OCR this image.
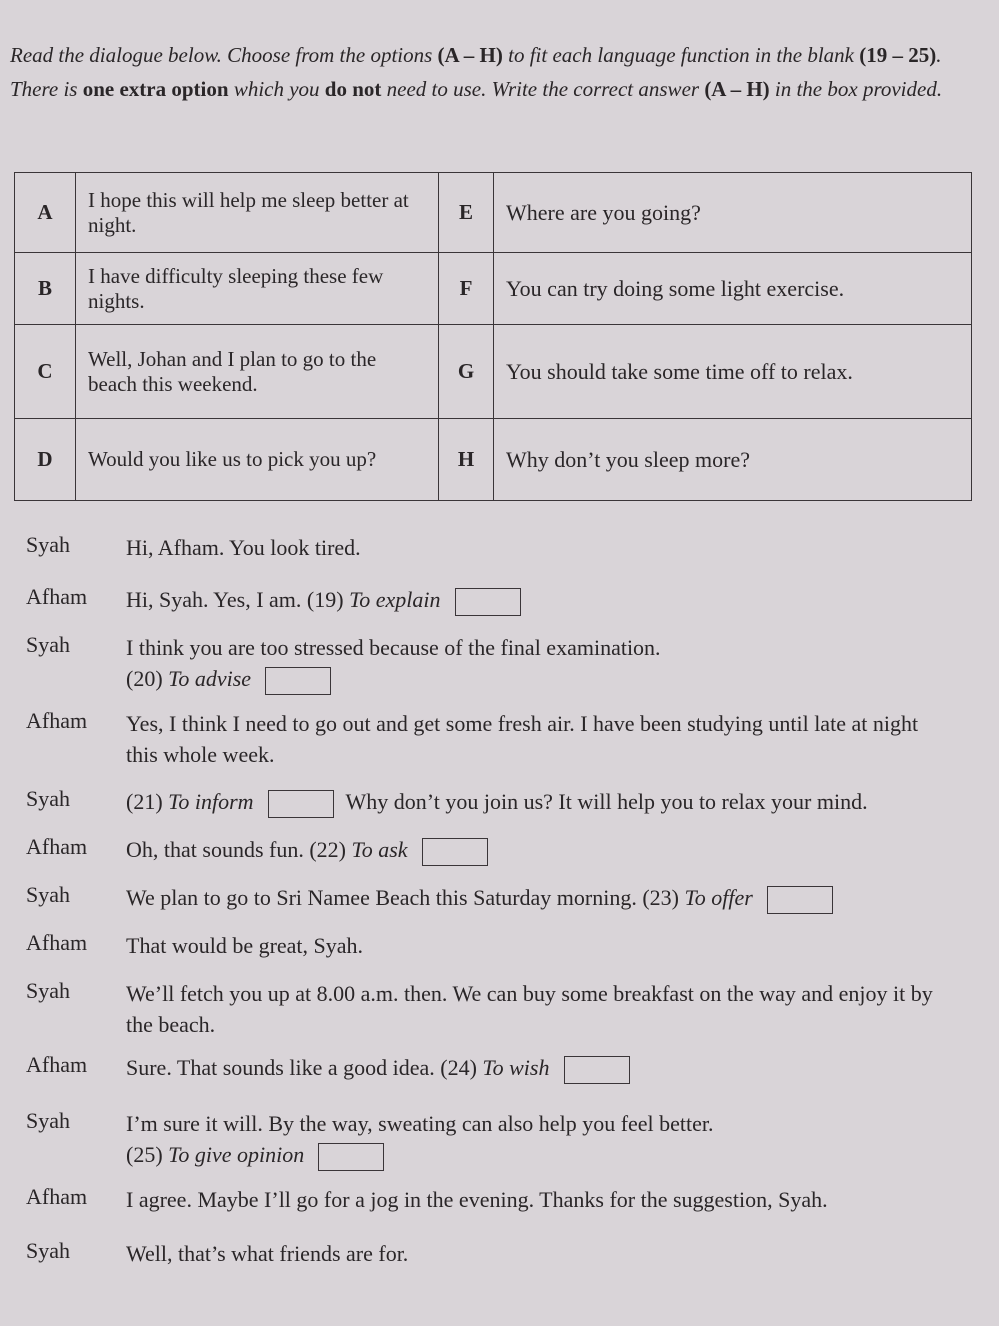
Read the dialogue below. Choose from the options (A – H) to fit each language function in the blank (19 – 25). There is one extra option which you do not need to use. Write the correct answer (A – H) in the box provided.
A	I hope this will help me sleep better at night.	E	Where are you going?
B	I have difficulty sleeping these few nights.	F	You can try doing some light exercise.
C	Well, Johan and I plan to go to the beach this weekend.	G	You should take some time off to relax.
D	Would you like us to pick you up?	H	Why don’t you sleep more?
Syah	Hi, Afham. You look tired.
Afham	Hi, Syah. Yes, I am. (19) To explain
Syah	I think you are too stressed because of the final examination.
(20) To advise
Afham	Yes, I think I need to go out and get some fresh air. I have been studying until late at night this whole week.
Syah	(21) To inform	Why don’t you join us? It will help you to relax your mind.
Afham	Oh, that sounds fun. (22) To ask
Syah	We plan to go to Sri Namee Beach this Saturday morning. (23) To offer
Afham	That would be great, Syah.
Syah	We’ll fetch you up at 8.00 a.m. then. We can buy some breakfast on the way and enjoy it by the beach.
Afham	Sure. That sounds like a good idea. (24) To wish
Syah	I’m sure it will. By the way, sweating can also help you feel better.
(25) To give opinion
Afham	I agree. Maybe I’ll go for a jog in the evening. Thanks for the suggestion, Syah.
Syah	Well, that’s what friends are for.
